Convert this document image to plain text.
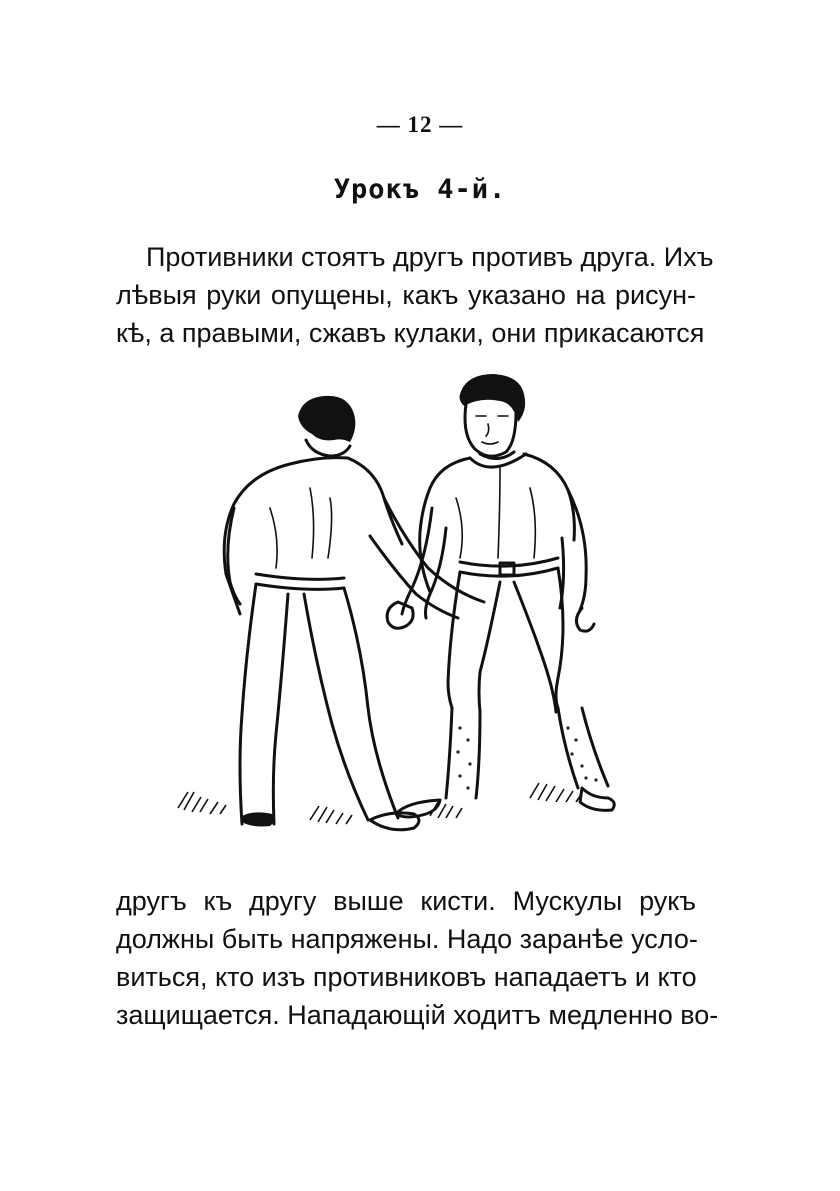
— 12 —
Урокъ 4-й.
Противники стоятъ другъ противъ друга. Ихъ
лѣвыя руки опущены, какъ указано на рисун-
кѣ, а правыми, сжавъ кулаки, они прикасаются
другъ къ другу выше кисти. Мускулы рукъ
должны быть напряжены. Надо заранѣе усло-
виться, кто изъ противниковъ нападаетъ и кто
защищается. Нападающій ходитъ медленно во-
